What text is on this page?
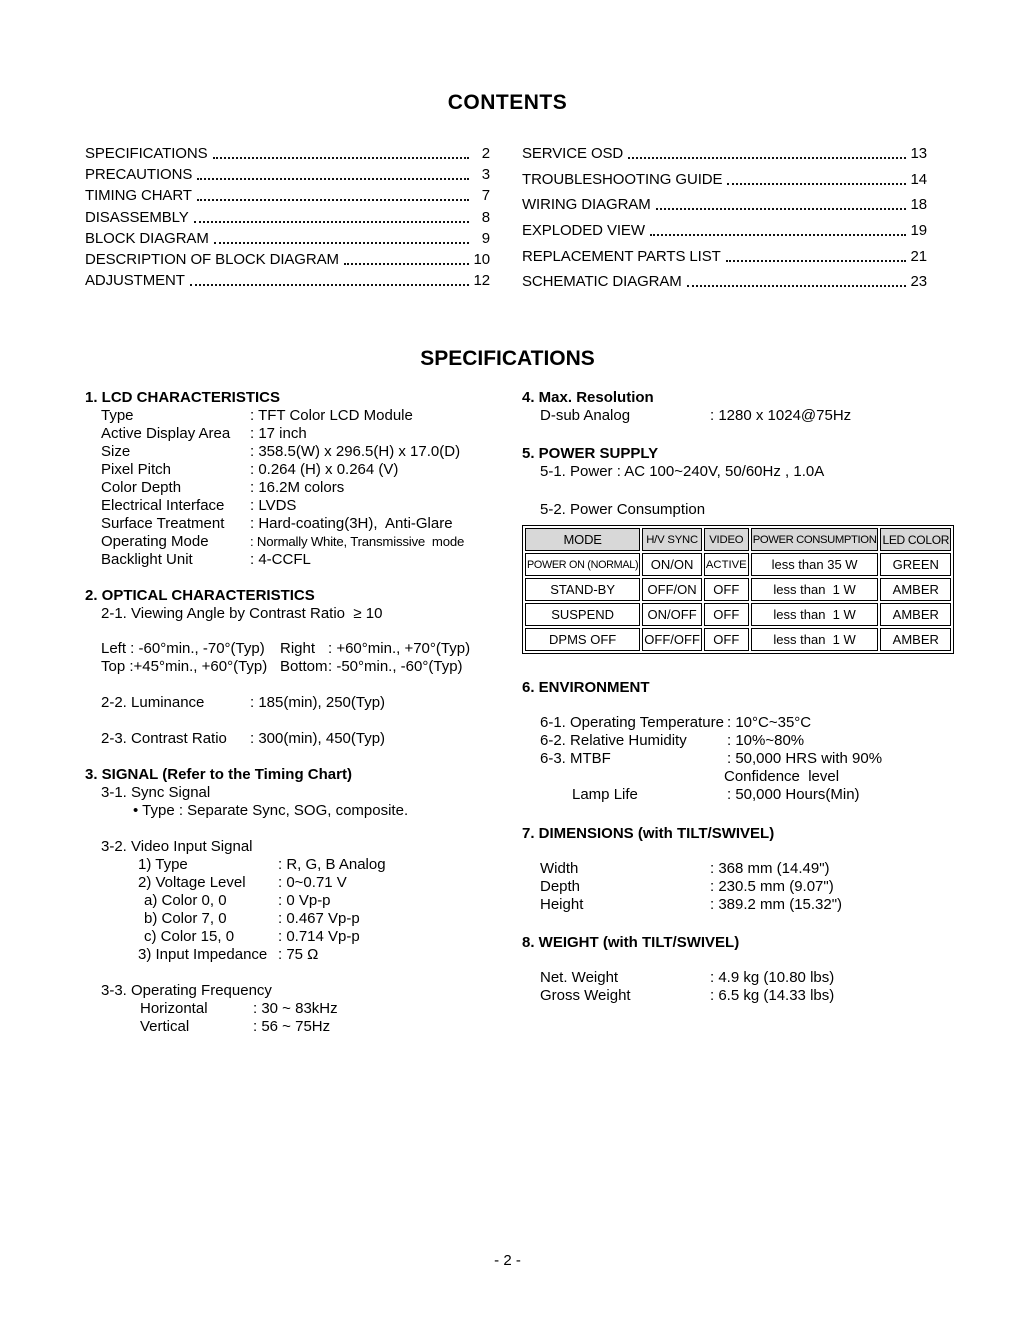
CONTENTS
SPECIFICATIONS	2
PRECAUTIONS	3
TIMING CHART	7
DISASSEMBLY	8
BLOCK DIAGRAM	9
DESCRIPTION OF BLOCK DIAGRAM	10
ADJUSTMENT	12
SERVICE OSD	13
TROUBLESHOOTING GUIDE	14
WIRING DIAGRAM	18
EXPLODED VIEW	19
REPLACEMENT PARTS LIST	21
SCHEMATIC DIAGRAM	23
SPECIFICATIONS
1. LCD CHARACTERISTICS
Type	: TFT Color LCD Module
Active Display Area	: 17 inch
Size	: 358.5(W) x 296.5(H) x 17.0(D)
Pixel Pitch	: 0.264 (H) x 0.264 (V)
Color Depth	: 16.2M colors
Electrical Interface	: LVDS
Surface Treatment	: Hard-coating(3H),  Anti-Glare
Operating Mode	: Normally White, Transmissive  mode
Backlight Unit	: 4-CCFL
2. OPTICAL CHARACTERISTICS
2-1. Viewing Angle by Contrast Ratio  ≥ 10
Left : -60°min., -70°(Typ)	Right : +60°min., +70°(Typ)
Top :+45°min., +60°(Typ) Bottom : -50°min., -60°(Typ)
2-2. Luminance	: 185(min), 250(Typ)
2-3. Contrast Ratio	: 300(min), 450(Typ)
3. SIGNAL (Refer to the Timing Chart)
3-1. Sync Signal
• Type : Separate Sync, SOG, composite.
3-2. Video Input Signal
1) Type	: R, G, B Analog
2) Voltage Level	: 0~0.71 V
a) Color 0, 0	: 0 Vp-p
b) Color 7, 0	: 0.467 Vp-p
c) Color 15, 0	: 0.714 Vp-p
3) Input Impedance : 75 Ω
3-3. Operating Frequency
Horizontal	: 30 ~ 83kHz
Vertical	: 56 ~ 75Hz
4. Max. Resolution
D-sub Analog	: 1280 x 1024@75Hz
5. POWER SUPPLY
5-1. Power : AC 100~240V, 50/60Hz , 1.0A
5-2. Power Consumption
MODE	H/V SYNC	VIDEO	POWER CONSUMPTION	LED COLOR
POWER ON (NORMAL)	ON/ON	ACTIVE	less than 35 W	GREEN
STAND-BY	OFF/ON	OFF	less than  1 W	AMBER
SUSPEND	ON/OFF	OFF	less than  1 W	AMBER
DPMS OFF	OFF/OFF	OFF	less than  1 W	AMBER
6. ENVIRONMENT
6-1. Operating Temperature : 10°C~35°C
6-2. Relative Humidity	: 10%~80%
6-3. MTBF	: 50,000 HRS with 90%
Confidence  level
Lamp Life	: 50,000 Hours(Min)
7. DIMENSIONS (with TILT/SWIVEL)
Width	: 368 mm (14.49")
Depth	: 230.5 mm (9.07")
Height	: 389.2 mm (15.32")
8. WEIGHT (with TILT/SWIVEL)
Net. Weight	: 4.9 kg (10.80 lbs)
Gross Weight	: 6.5 kg (14.33 lbs)
- 2 -
